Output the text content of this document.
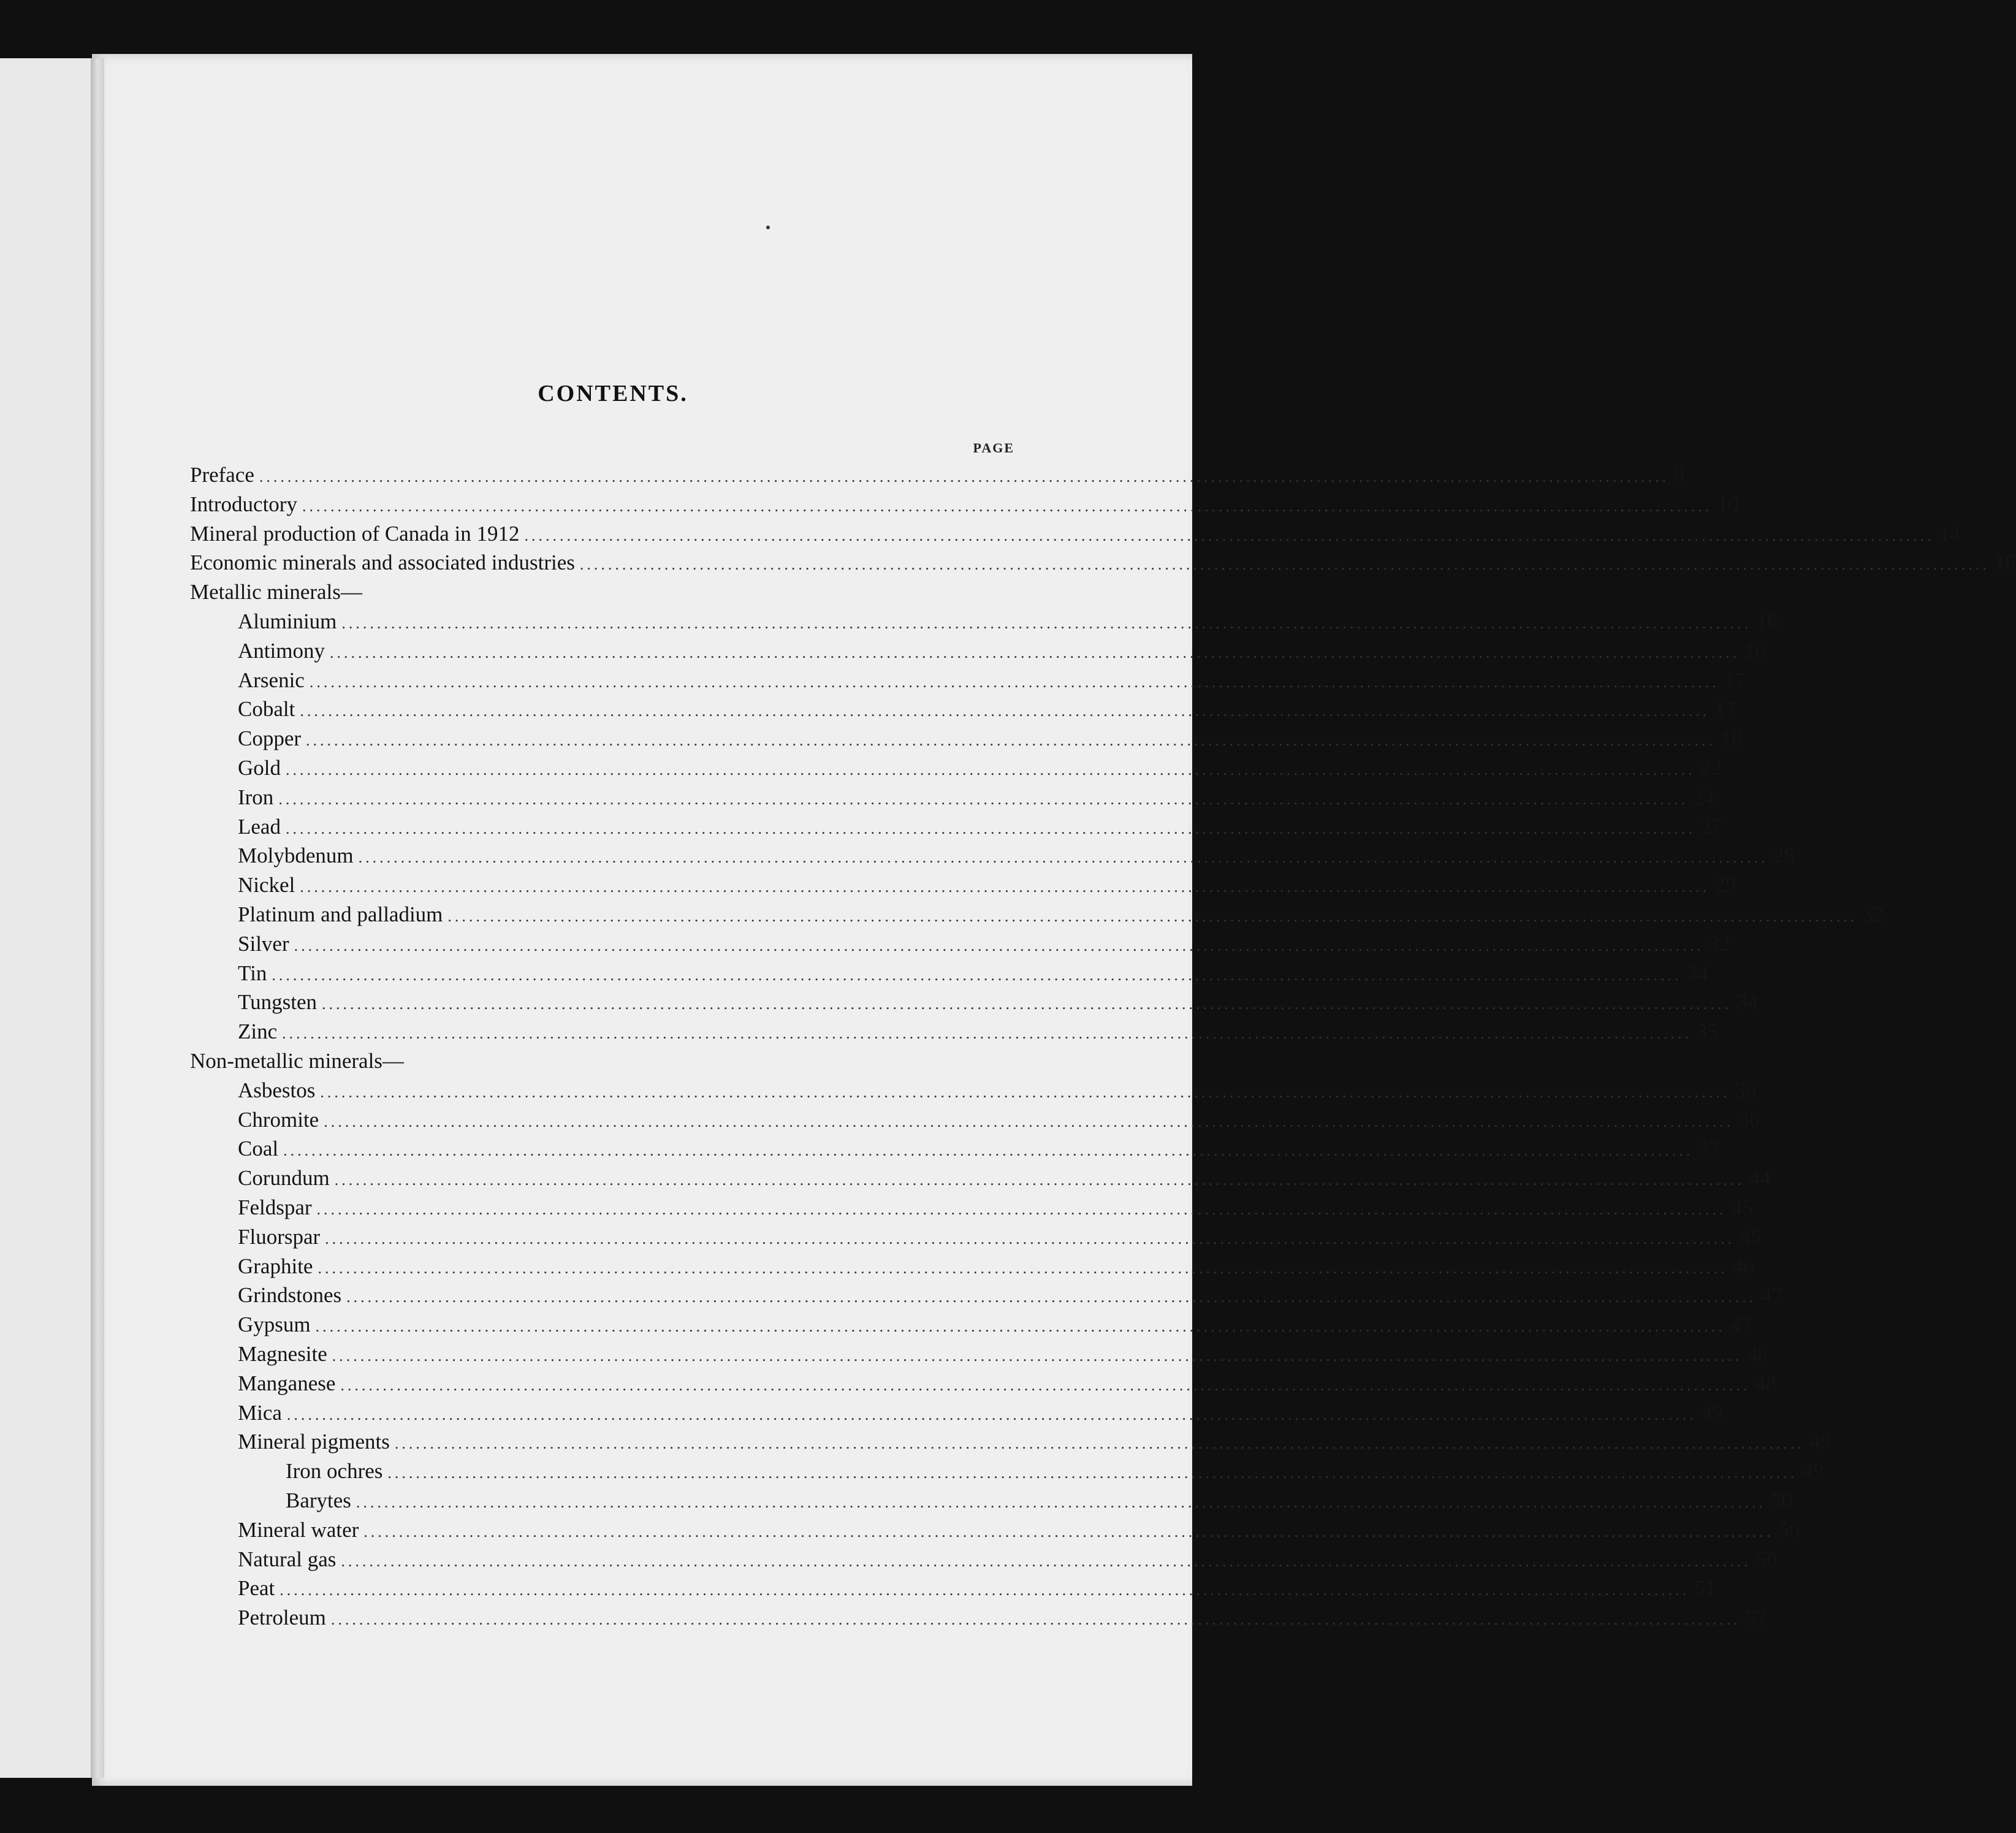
CONTENTS.
PAGE
Preface ........................................................................................................................................................................................................ 9
Introductory ........................................................................................................................................................................................................ 10
Mineral production of Canada in 1912 ........................................................................................................................................................................................................ 14
Economic minerals and associated industries ........................................................................................................................................................................................................ 16
Metallic minerals—
Aluminium ........................................................................................................................................................................................................ 16
Antimony ........................................................................................................................................................................................................ 16
Arsenic ........................................................................................................................................................................................................ 17
Cobalt ........................................................................................................................................................................................................ 17
Copper ........................................................................................................................................................................................................ 18
Gold ........................................................................................................................................................................................................ 22
Iron ........................................................................................................................................................................................................ 24
Lead ........................................................................................................................................................................................................ 27
Molybdenum ........................................................................................................................................................................................................ 28
Nickel ........................................................................................................................................................................................................ 29
Platinum and palladium ........................................................................................................................................................................................................ 32
Silver ........................................................................................................................................................................................................ 32
Tin ........................................................................................................................................................................................................ 34
Tungsten ........................................................................................................................................................................................................ 34
Zinc ........................................................................................................................................................................................................ 35
Non-metallic minerals—
Asbestos ........................................................................................................................................................................................................ 36
Chromite ........................................................................................................................................................................................................ 36
Coal ........................................................................................................................................................................................................ 37
Corundum ........................................................................................................................................................................................................ 44
Feldspar ........................................................................................................................................................................................................ 45
Fluorspar ........................................................................................................................................................................................................ 45
Graphite ........................................................................................................................................................................................................ 46
Grindstones ........................................................................................................................................................................................................ 47
Gypsum ........................................................................................................................................................................................................ 47
Magnesite ........................................................................................................................................................................................................ 48
Manganese ........................................................................................................................................................................................................ 48
Mica ........................................................................................................................................................................................................ 49
Mineral pigments ........................................................................................................................................................................................................ 49
Iron ochres ........................................................................................................................................................................................................ 49
Barytes ........................................................................................................................................................................................................ 50
Mineral water ........................................................................................................................................................................................................ 50
Natural gas ........................................................................................................................................................................................................ 50
Peat ........................................................................................................................................................................................................ 51
Petroleum ........................................................................................................................................................................................................ 52
